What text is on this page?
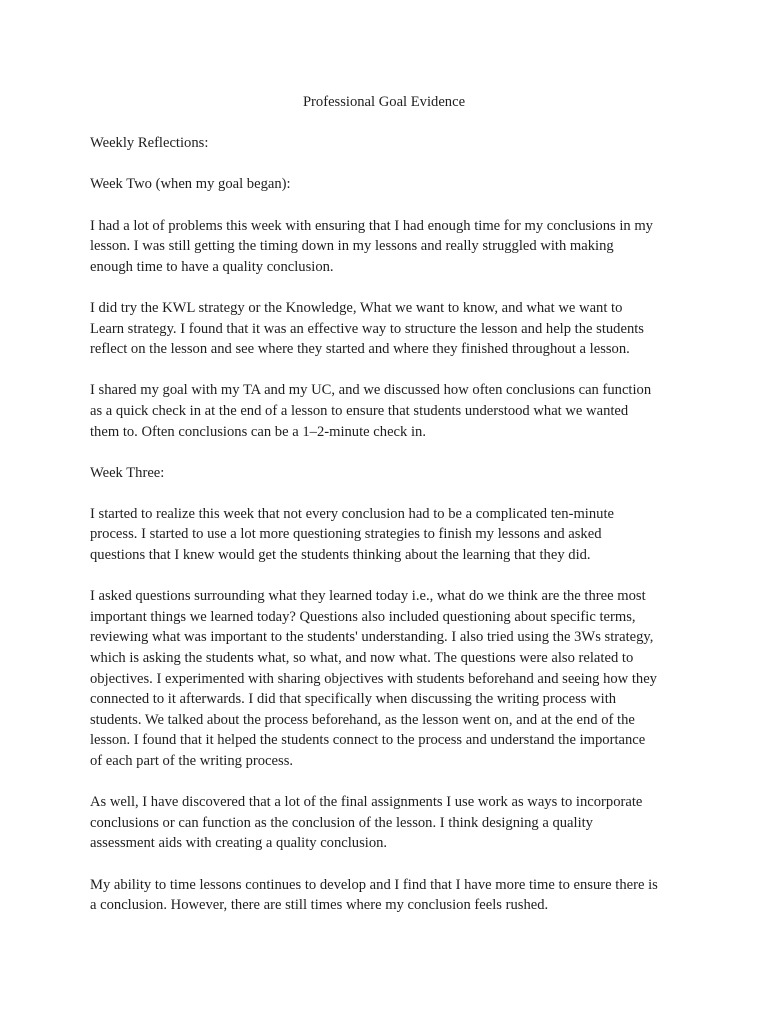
Professional Goal Evidence

Weekly Reflections:

Week Two (when my goal began):

I had a lot of problems this week with ensuring that I had enough time for my conclusions in my
lesson. I was still getting the timing down in my lessons and really struggled with making
enough time to have a quality conclusion.

I did try the KWL strategy or the Knowledge, What we want to know, and what we want to
Learn strategy. I found that it was an effective way to structure the lesson and help the students
reflect on the lesson and see where they started and where they finished throughout a lesson.

I shared my goal with my TA and my UC, and we discussed how often conclusions can function
as a quick check in at the end of a lesson to ensure that students understood what we wanted
them to. Often conclusions can be a 1–2-minute check in.

Week Three:

I started to realize this week that not every conclusion had to be a complicated ten-minute
process. I started to use a lot more questioning strategies to finish my lessons and asked
questions that I knew would get the students thinking about the learning that they did.

I asked questions surrounding what they learned today i.e., what do we think are the three most
important things we learned today? Questions also included questioning about specific terms,
reviewing what was important to the students' understanding. I also tried using the 3Ws strategy,
which is asking the students what, so what, and now what. The questions were also related to
objectives. I experimented with sharing objectives with students beforehand and seeing how they
connected to it afterwards. I did that specifically when discussing the writing process with
students. We talked about the process beforehand, as the lesson went on, and at the end of the
lesson. I found that it helped the students connect to the process and understand the importance
of each part of the writing process.

As well, I have discovered that a lot of the final assignments I use work as ways to incorporate
conclusions or can function as the conclusion of the lesson. I think designing a quality
assessment aids with creating a quality conclusion.

My ability to time lessons continues to develop and I find that I have more time to ensure there is
a conclusion. However, there are still times where my conclusion feels rushed.
